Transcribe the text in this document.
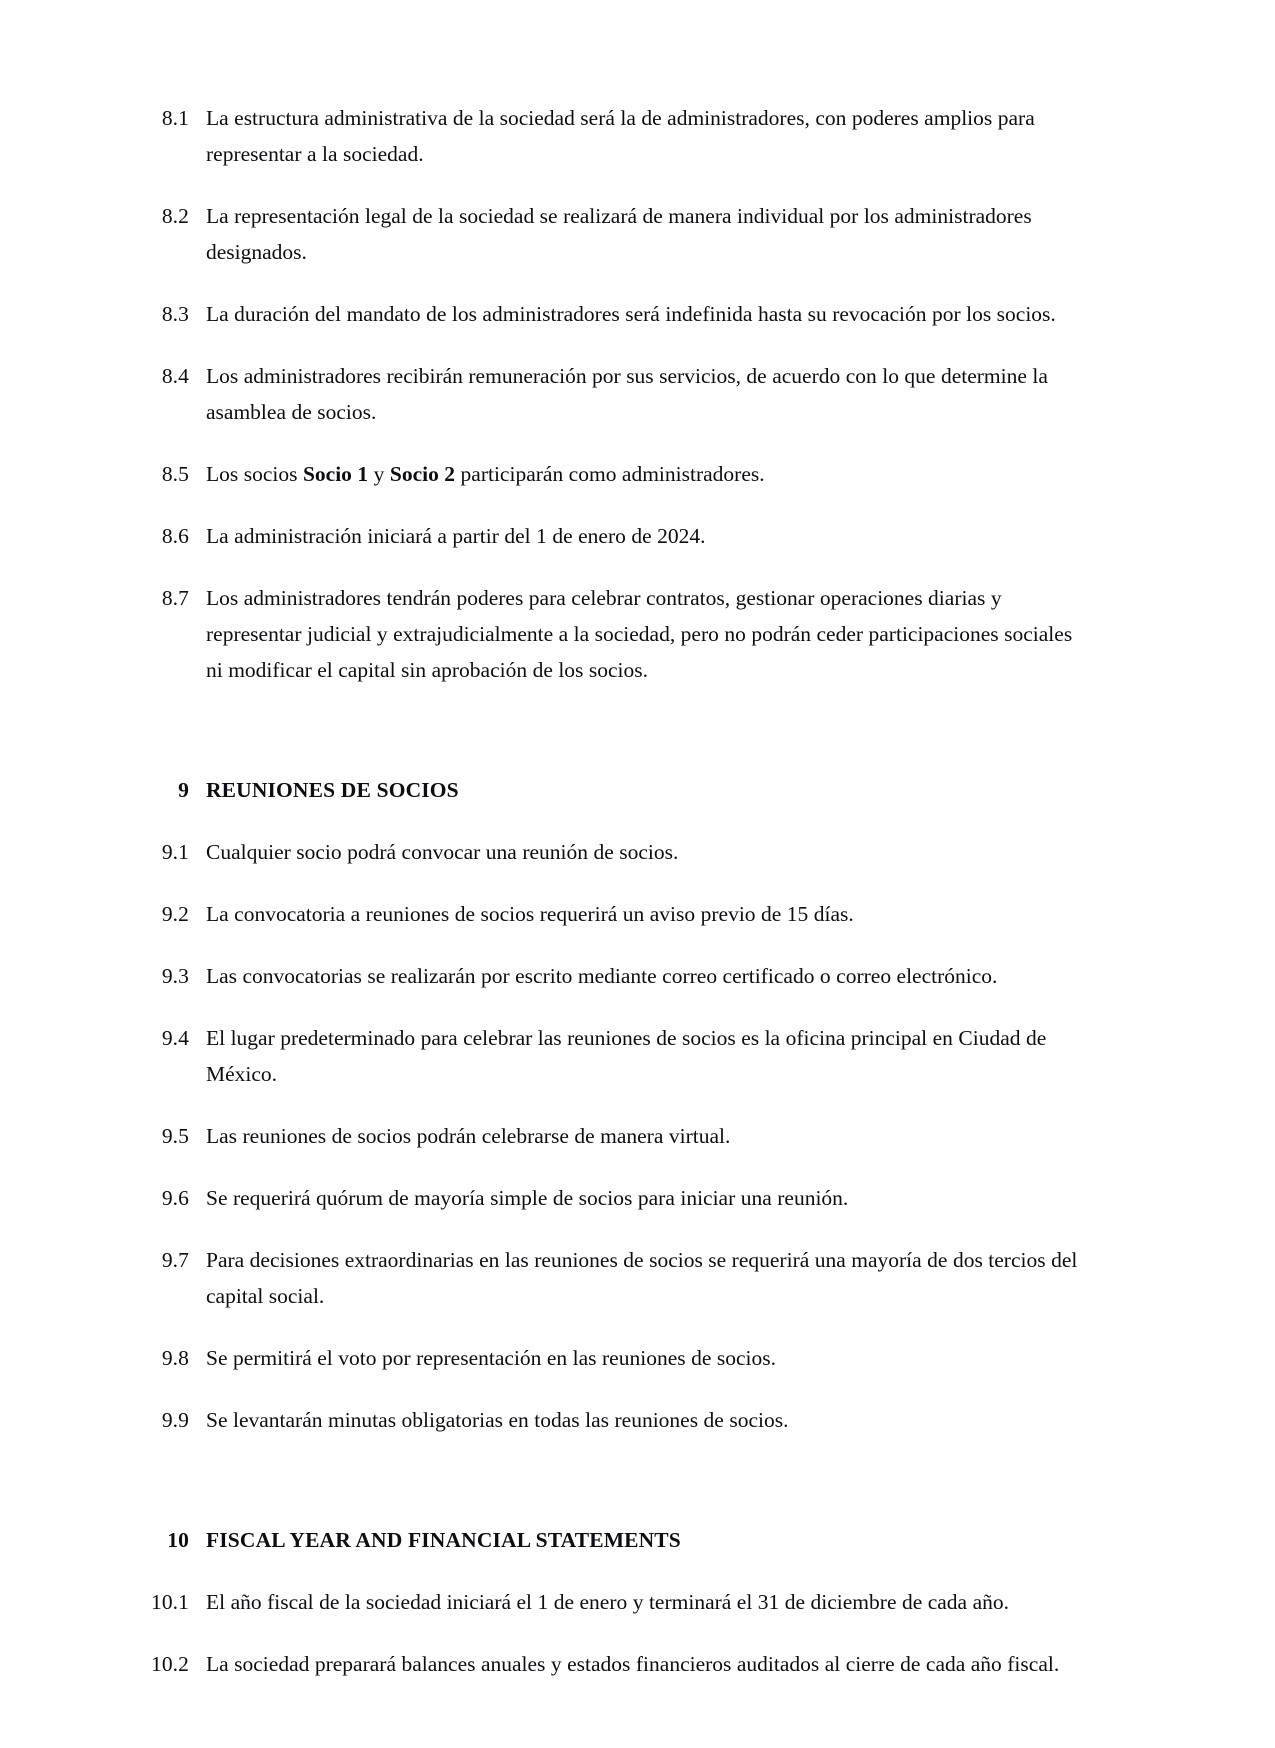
8.1 La estructura administrativa de la sociedad será la de administradores, con poderes amplios para representar a la sociedad.
8.2 La representación legal de la sociedad se realizará de manera individual por los administradores designados.
8.3 La duración del mandato de los administradores será indefinida hasta su revocación por los socios.
8.4 Los administradores recibirán remuneración por sus servicios, de acuerdo con lo que determine la asamblea de socios.
8.5 Los socios Socio 1 y Socio 2 participarán como administradores.
8.6 La administración iniciará a partir del 1 de enero de 2024.
8.7 Los administradores tendrán poderes para celebrar contratos, gestionar operaciones diarias y representar judicial y extrajudicialmente a la sociedad, pero no podrán ceder participaciones sociales ni modificar el capital sin aprobación de los socios.
9 REUNIONES DE SOCIOS
9.1 Cualquier socio podrá convocar una reunión de socios.
9.2 La convocatoria a reuniones de socios requerirá un aviso previo de 15 días.
9.3 Las convocatorias se realizarán por escrito mediante correo certificado o correo electrónico.
9.4 El lugar predeterminado para celebrar las reuniones de socios es la oficina principal en Ciudad de México.
9.5 Las reuniones de socios podrán celebrarse de manera virtual.
9.6 Se requerirá quórum de mayoría simple de socios para iniciar una reunión.
9.7 Para decisiones extraordinarias en las reuniones de socios se requerirá una mayoría de dos tercios del capital social.
9.8 Se permitirá el voto por representación en las reuniones de socios.
9.9 Se levantarán minutas obligatorias en todas las reuniones de socios.
10 FISCAL YEAR AND FINANCIAL STATEMENTS
10.1 El año fiscal de la sociedad iniciará el 1 de enero y terminará el 31 de diciembre de cada año.
10.2 La sociedad preparará balances anuales y estados financieros auditados al cierre de cada año fiscal.
